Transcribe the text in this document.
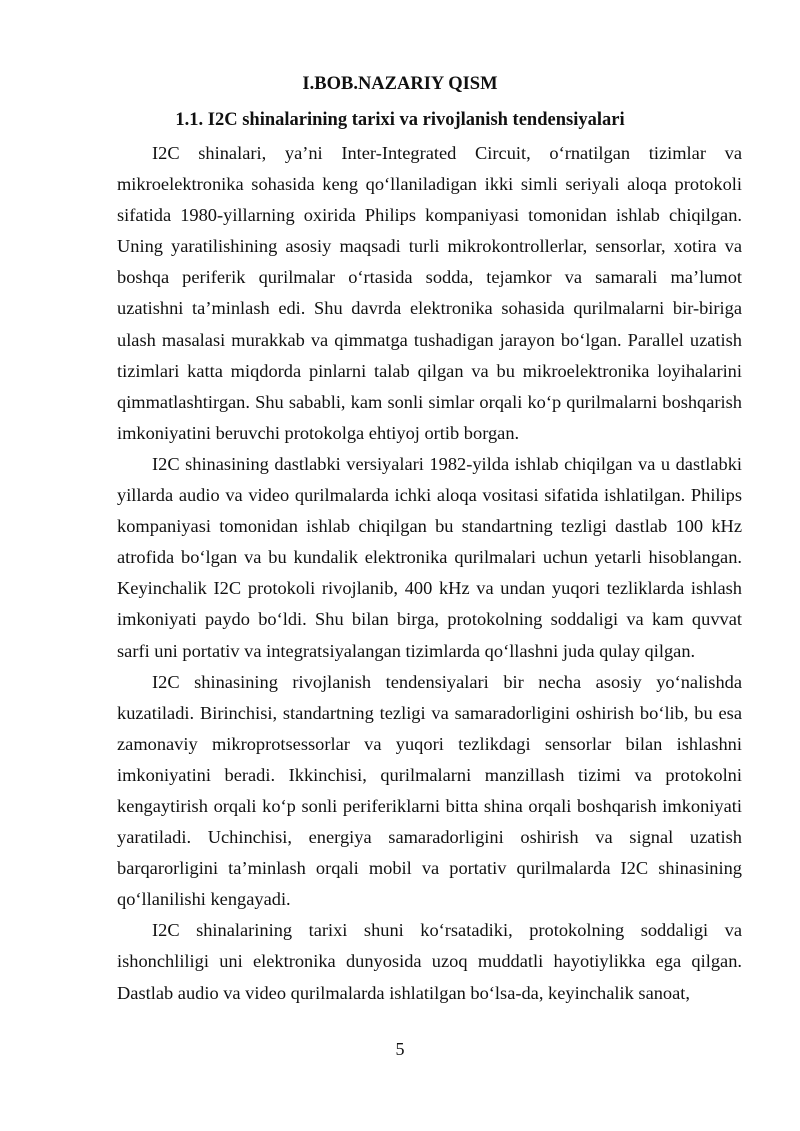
I.BOB.NAZARIY QISM
1.1. I2C shinalarining tarixi va rivojlanish tendensiyalari

I2C shinalari, ya’ni Inter-Integrated Circuit, o‘rnatilgan tizimlar va mikroelektronika sohasida keng qo‘llaniladigan ikki simli seriyali aloqa protokoli sifatida 1980-yillarning oxirida Philips kompaniyasi tomonidan ishlab chiqilgan. Uning yaratilishining asosiy maqsadi turli mikrokontrollerlar, sensorlar, xotira va boshqa periferik qurilmalar o‘rtasida sodda, tejamkor va samarali ma’lumot uzatishni ta’minlash edi. Shu davrda elektronika sohasida qurilmalarni bir-biriga ulash masalasi murakkab va qimmatga tushadigan jarayon bo‘lgan. Parallel uzatish tizimlari katta miqdorda pinlarni talab qilgan va bu mikroelektronika loyihalarini qimmatlashtirgan. Shu sababli, kam sonli simlar orqali ko‘p qurilmalarni boshqarish imkoniyatini beruvchi protokolga ehtiyoj ortib borgan.

I2C shinasining dastlabki versiyalari 1982-yilda ishlab chiqilgan va u dastlabki yillarda audio va video qurilmalarda ichki aloqa vositasi sifatida ishlatilgan. Philips kompaniyasi tomonidan ishlab chiqilgan bu standartning tezligi dastlab 100 kHz atrofida bo‘lgan va bu kundalik elektronika qurilmalari uchun yetarli hisoblangan. Keyinchalik I2C protokoli rivojlanib, 400 kHz va undan yuqori tezliklarda ishlash imkoniyati paydo bo‘ldi. Shu bilan birga, protokolning soddaligi va kam quvvat sarfi uni portativ va integratsiyalangan tizimlarda qo‘llashni juda qulay qilgan.

I2C shinasining rivojlanish tendensiyalari bir necha asosiy yo‘nalishda kuzatiladi. Birinchisi, standartning tezligi va samaradorligini oshirish bo‘lib, bu esa zamonaviy mikroprotsessorlar va yuqori tezlikdagi sensorlar bilan ishlashni imkoniyatini beradi. Ikkinchisi, qurilmalarni manzillash tizimi va protokolni kengaytirish orqali ko‘p sonli periferiklarni bitta shina orqali boshqarish imkoniyati yaratiladi. Uchinchisi, energiya samaradorligini oshirish va signal uzatish barqarorligini ta’minlash orqali mobil va portativ qurilmalarda I2C shinasining qo‘llanilishi kengayadi.

I2C shinalarining tarixi shuni ko‘rsatadiki, protokolning soddaligi va ishonchliligi uni elektronika dunyosida uzoq muddatli hayotiylikka ega qilgan. Dastlab audio va video qurilmalarda ishlatilgan bo‘lsa-da, keyinchalik sanoat,

5
